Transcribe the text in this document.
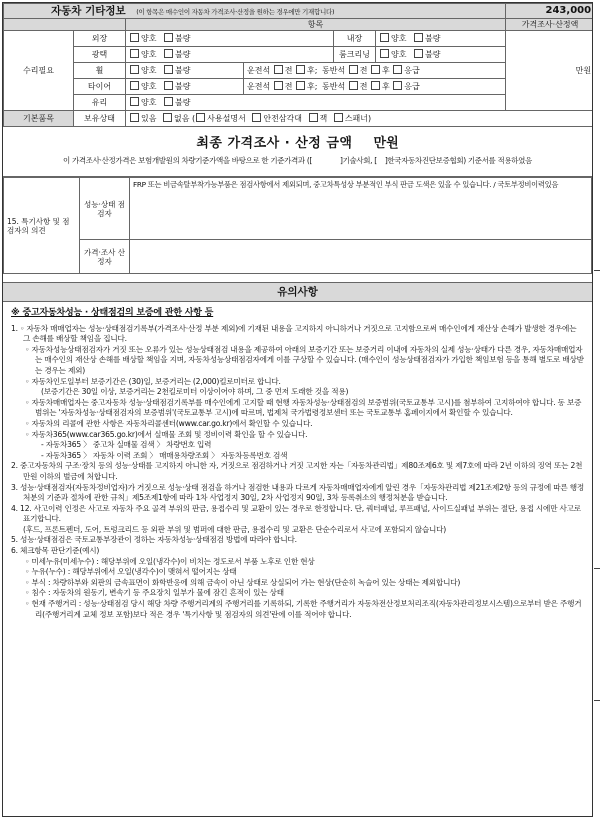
자동차 기타정보 (이 항목은 매수인이 자동차 가격조사·산정을 원하는 경우에만 기재합니다)						243,000
		항목				가격조사·산정액
수리필요	외장	양호 불량		내장	양호 불량	만원
	광택	양호 불량		룸크리닝	양호 불량	
	휠	양호 불량	운전석 전 후; 동반석 전 후 응급			
	타이어	양호 불량	운전석 전 후; 동반석 전 후 응급			
	유리	양호 불량				
기본품목	보유상태	있음 없음 ( 사용설명서 안전삼각대 잭 스패너)				
최종 가격조사 · 산정 금액 만원
이 가격조사·산정가격은 보험개발원의 차량기준가액을 바탕으로 한 기준가격과 ([	]기술사회, [ ]한국자동차진단보증협회) 기준서를 적용하였음
15. 특기사항 및 점검자의 의견	성능·상태 점검자	FRP 또는 비금속탈부착가능부품은 점검사항에서 제외되며, 중고차특성상 부분적인 부식 판금 도색은 있을 수 있습니다. / 국토부정비이력있음
	가격·조사 산정자	
유의사항
※ 중고자동차성능 · 상태점검의 보증에 관한 사항 등
1. ◦ 자동차 매매업자는 성능·상태점검기록부(가격조사·산정 부분 제외)에 기재된 내용을 고지하지 아니하거나 거짓으로 고지함으로써 매수인에게 재산상 손해가 발생한 경우에는 그 손해를 배상할 책임을 집니다.
◦ 자동차성능상태점검자가 거짓 또는 오류가 있는 성능상태점검 내용을 제공하여 아래의 보증기간 또는 보증거리 이내에 자동차의 실제 성능·상태가 다른 경우, 자동차매매업자는 매수인의 재산상 손해를 배상할 책임을 지며, 자동차성능상태점검자에게 이를 구상할 수 있습니다. (매수인이 성능상태점검자가 가입한 책임보험 등을 통해 별도로 배상받는 경우는 제외)
◦ 자동차인도일부터 보증기간은 (30)일, 보증거리는 (2,000)킬로미터로 합니다.
(보증기간은 30일 이상, 보증거리는 2천킬로미터 이상이어야 하며, 그 중 먼저 도래한 것을 적용)
◦ 자동차매매업자는 중고자동차 성능·상태점검기록부를 매수인에게 고지할 때 현행 자동차성능·상태점검의 보증범위(국토교통부 고시)를 첨부하여 고지하여야 합니다. 동 보증범위는 '자동차성능·상태점검자의 보증범위'(국토교통부 고시)에 따르며, 법제처 국가법령정보센터 또는 국토교통부 홈페이지에서 확인할 수 있습니다.
◦ 자동차의 리콜에 관한 사항은 자동차리콜센터(www.car.go.kr)에서 확인할 수 있습니다.
◦ 자동차365(www.car365.go.kr)에서 실매물 조회 및 정비이력 확인을 할 수 있습니다.
- 자동차365 〉 중고차 실매물 검색 〉 차량번호 입력
- 자동차365 〉 자동차 이력 조회 〉 매매용차량조회 〉 자동차등록번호 검색
2. 중고자동차의 구조·장치 등의 성능·상태를 고지하지 아니한 자, 거짓으로 점검하거나 거짓 고지한 자는「자동차관리법」제80조제6호 및 제7호에 따라 2년 이하의 징역 또는 2천만원 이하의 벌금에 처합니다.
3. 성능·상태점검자(자동차정비업자)가 거짓으로 성능·상태 점검을 하거나 점검한 내용과 다르게 자동차매매업자에게 알린 경우「자동차관리법 제21조제2항 등의 규정에 따른 행정처분의 기준과 절차에 관한 규칙」제5조제1항에 따라 1차 사업정지 30일, 2차 사업정지 90일, 3차 등록취소의 행정처분을 받습니다.
4. 12. 사고이력 인정은 사고로 자동차 주요 골격 부위의 판금, 용접수리 및 교환이 있는 경우로 한정합니다. 단, 쿼터패널, 루프패널, 사이드실패널 부위는 절단, 용접 시에만 사고로 표기합니다.
(후드, 프론트펜더, 도어, 트렁크리드 등 외판 부위 및 범퍼에 대한 판금, 용접수리 및 교환은 단순수리로서 사고에 포함되지 않습니다)
5. 성능·상태점검은 국토교통부장관이 정하는 자동차성능·상태점검 방법에 따라야 합니다.
6. 체크항목 판단기준(예시)
◦ 미세누유(미세누수) : 해당부위에 오일(냉각수)이 비치는 정도로서 부품 노후로 인한 현상
◦ 누유(누수) : 해당부위에서 오일(냉각수)이 맺혀서 떨어지는 상태
◦ 부식 : 차량하부와 외판의 금속표면이 화학반응에 의해 금속이 아닌 상태로 상실되어 가는 현상(단순히 녹슬어 있는 상태는 제외합니다)
◦ 침수 : 자동차의 원동기, 변속기 등 주요장치 일부가 물에 잠긴 흔적이 있는 상태
◦ 현재 주행거리 : 성능·상태점검 당시 해당 차량 주행거리계의 주행거리를 기록하되, 기록한 주행거리가 자동차전산정보처리조직(자동차관리정보시스템)으로부터 받은 주행거리(주행거리계 교체 정보 포함)보다 적은 경우 '특기사항 및 점검자의 의견'란에 이를 적어야 합니다.
